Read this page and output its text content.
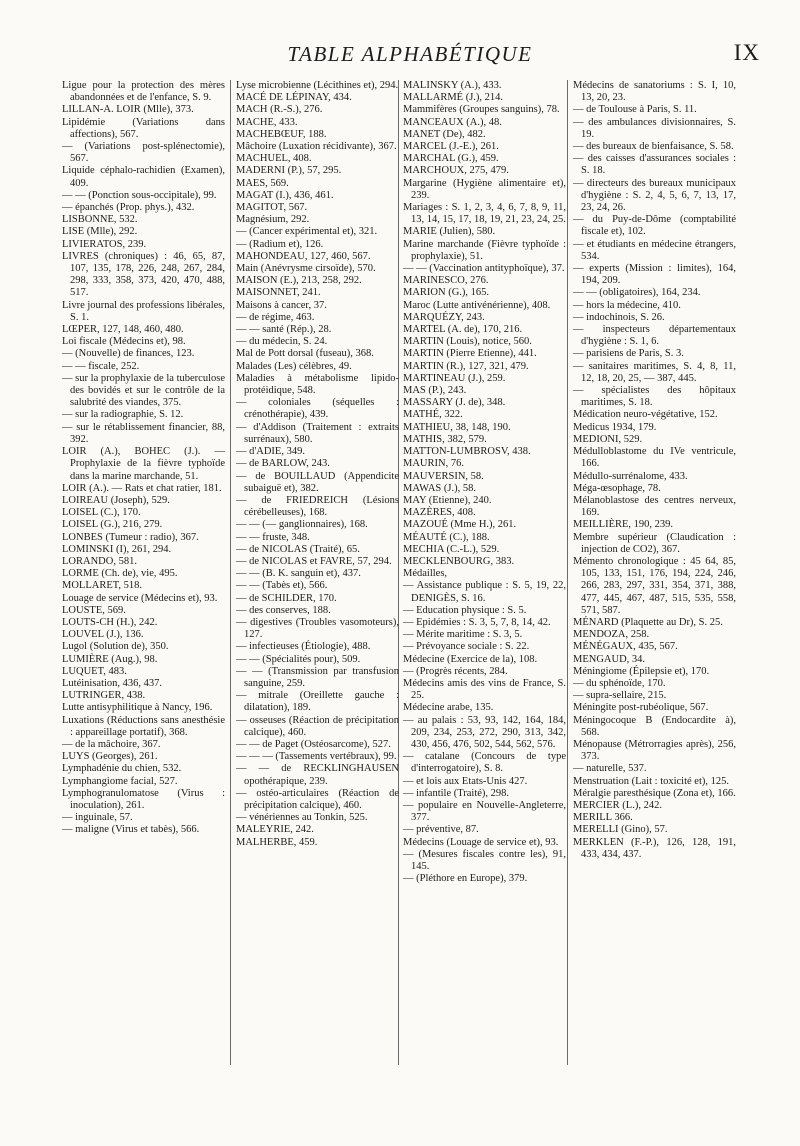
TABLE ALPHABÉTIQUE	IX

Ligue pour la protection des mères abandonnées et de l'enfance, S. 9.

LILLAN-A. LOIR (Mlle), 373.

Lipidémie (Variations dans affections), 567.

— (Variations post-splénectomie), 567.

Liquide céphalo-rachidien (Examen), 409.

— — (Ponction sous-occipitale), 99.

— épanchés (Prop. phys.), 432.

LISBONNE, 532.

LISE (Mlle), 292.

LIVIERATOS, 239.

LIVRES (chroniques) : 46, 65, 87, 107, 135, 178, 226, 248, 267, 284, 298, 333, 358, 373, 420, 470, 488, 517.

Livre journal des professions libérales, S. 1.

LŒPER, 127, 148, 460, 480.

Loi fiscale (Médecins et), 98.

— (Nouvelle) de finances, 123.

— — fiscale, 252.

— sur la prophylaxie de la tuberculose des bovidés et sur le contrôle de la salubrité des viandes, 375.

— sur la radiographie, S. 12.

— sur le rétablissement financier, 88, 392.

LOIR (A.), BOHEC (J.). — Prophylaxie de la fièvre typhoïde dans la marine marchande, 51.

LOIR (A.). — Rats et chat ratier, 181.

LOIREAU (Joseph), 529.

LOISEL (C.), 170.

LOISEL (G.), 216, 279.

LONBES (Tumeur : radio), 367.

LOMINSKI (I), 261, 294.

LORANDO, 581.

LORME (Ch. de), vie, 495.

MOLLARET, 518.

Louage de service (Médecins et), 93.

LOUSTE, 569.

LOUTS-CH (H.), 242.

LOUVEL (J.), 136.

Lugol (Solution de), 350.

LUMIÈRE (Aug.), 98.

LUQUET, 483.

Lutéinisation, 436, 437.

LUTRINGER, 438.

Lutte antisyphilitique à Nancy, 196.

Luxations (Réductions sans anesthésie : appareillage portatif), 368.

— de la mâchoire, 367.

LUYS (Georges), 261.

Lymphadénie du chien, 532.

Lymphangiome facial, 527.

Lymphogranulomatose (Virus : inoculation), 261.

— inguinale, 57.

— maligne (Virus et tabès), 566.

Lyse microbienne (Lécithines et), 294.

MACÉ DE LÉPINAY, 434.

MACH (R.-S.), 276.

MACHE, 433.

MACHEBŒUF, 188.

Mâchoire (Luxation récidivante), 367.

MACHUEL, 408.

MADERNI (P.), 57, 295.

MAES, 569.

MAGAT (I.), 436, 461.

MAGITOT, 567.

Magnésium, 292.

— (Cancer expérimental et), 321.

— (Radium et), 126.

MAHONDEAU, 127, 460, 567.

Main (Anévrysme cirsoïde), 570.

MAISON (E.), 213, 258, 292.

MAISONNET, 241.

Maisons à cancer, 37.

— de régime, 463.

— — santé (Rép.), 28.

— du médecin, S. 24.

Mal de Pott dorsal (fuseau), 368.

Malades (Les) célèbres, 49.

Maladies à métabolisme lipido-protéidique, 548.

— coloniales (séquelles : crénothérapie), 439.

— d'Addison (Traitement : extraits surrénaux), 580.

— d'ADIE, 349.

— de BARLOW, 243.

— de BOUILLAUD (Appendicite subaiguë et), 382.

— de FRIEDREICH (Lésions cérébelleuses), 168.

— — (— ganglionnaires), 168.

— — fruste, 348.

— de NICOLAS (Traité), 65.

— de NICOLAS et FAVRE, 57, 294.

— — (B. K. sanguin et), 437.

— — (Tabès et), 566.

— de SCHILDER, 170.

— des conserves, 188.

— digestives (Troubles vasomoteurs), 127.

— infectieuses (Étiologie), 488.

— — (Spécialités pour), 509.

— — (Transmission par transfusion sanguine, 259.

— mitrale (Oreillette gauche : dilatation), 189.

— osseuses (Réaction de précipitation calcique), 460.

— — de Paget (Ostéosarcome), 527.

— — — (Tassements vertébraux), 99.

— — de RECKLINGHAUSEN opothérapique, 239.

— ostéo-articulaires (Réaction de précipitation calcique), 460.

— vénériennes au Tonkin, 525.

MALEYRIE, 242.

MALHERBE, 459.

MALINSKY (A.), 433.

MALLARMÉ (J.), 214.

Mammifères (Groupes sanguins), 78.

MANCEAUX (A.), 48.

MANET (De), 482.

MARCEL (J.-E.), 261.

MARCHAL (G.), 459.

MARCHOUX, 275, 479.

Margarine (Hygiène alimentaire et), 239.

Mariages : S. 1, 2, 3, 4, 6, 7, 8, 9, 11, 13, 14, 15, 17, 18, 19, 21, 23, 24, 25.

MARIE (Julien), 580.

Marine marchande (Fièvre typhoïde : prophylaxie), 51.

— — (Vaccination antityphoïque), 37.

MARINESCO, 276.

MARION (G.), 165.

Maroc (Lutte antivénérienne), 408.

MARQUÉZY, 243.

MARTEL (A. de), 170, 216.

MARTIN (Louis), notice, 560.

MARTIN (Pierre Etienne), 441.

MARTIN (R.), 127, 321, 479.

MARTINEAU (J.), 259.

MAS (P.), 243.

MASSARY (J. de), 348.

MATHÉ, 322.

MATHIEU, 38, 148, 190.

MATHIS, 382, 579.

MATTON-LUMBROSV, 438.

MAURIN, 76.

MAUVERSIN, 58.

MAWAS (J.), 58.

MAY (Etienne), 240.

MAZÈRES, 408.

MAZOUÉ (Mme H.), 261.

MÉAUTÉ (C.), 188.

MECHIA (C.-L.), 529.

MECKLENBOURG, 383.

Médailles,

— Assistance publique : S. 5, 19, 22, DENIGÈS, S. 16.

— Education physique : S. 5.

— Epidémies : S. 3, 5, 7, 8, 14, 42.

— Mérite maritime : S. 3, 5.

— Prévoyance sociale : S. 22.

Médecine (Exercice de la), 108.

— (Progrès récents, 284.

Médecins amis des vins de France, S. 25.

Médecine arabe, 135.

— au palais : 53, 93, 142, 164, 184, 209, 234, 253, 272, 290, 313, 342, 430, 456, 476, 502, 544, 562, 576.

— catalane (Concours de type d'interrogatoire), S. 8.

— et lois aux Etats-Unis 427.

— infantile (Traité), 298.

— populaire en Nouvelle-Angleterre, 377.

— préventive, 87.

Médecins (Louage de service et), 93.

— (Mesures fiscales contre les), 91, 145.

— (Pléthore en Europe), 379.

Médecins de sanatoriums : S. I, 10, 13, 20, 23.

— de Toulouse à Paris, S. 11.

— des ambulances divisionnaires, S. 19.

— des bureaux de bienfaisance, S. 58.

— des caisses d'assurances sociales : S. 18.

— directeurs des bureaux municipaux d'hygiène : S. 2, 4, 5, 6, 7, 13, 17, 23, 24, 26.

— du Puy-de-Dôme (comptabilité fiscale et), 102.

— et étudiants en médecine étrangers, 534.

— experts (Mission : limites), 164, 194, 209.

— — (obligatoires), 164, 234.

— hors la médecine, 410.

— indochinois, S. 26.

— inspecteurs départementaux d'hygiène : S. 1, 6.

— parisiens de Paris, S. 3.

— sanitaires maritimes, S. 4, 8, 11, 12, 18, 20, 25, — 387, 445.

— spécialistes des hôpitaux maritimes, S. 18.

Médication neuro-végétative, 152.

Medicus 1934, 179.

MEDIONI, 529.

Médulloblastome du IVe ventricule, 166.

Médullo-surrénalome, 433.

Méga-œsophage, 78.

Mélanoblastose des centres nerveux, 169.

MEILLIÈRE, 190, 239.

Membre supérieur (Claudication : injection de CO2), 367.

Mémento chronologique : 45 64, 85, 105, 133, 151, 176, 194, 224, 246, 266, 283, 297, 331, 354, 371, 388, 477, 445, 467, 487, 515, 535, 558, 571, 587.

MÉNARD (Plaquette au Dr), S. 25.

MENDOZA, 258.

MÉNÉGAUX, 435, 567.

MENGAUD, 34.

Méningiome (Épilepsie et), 170.

— du sphénoïde, 170.

— supra-sellaire, 215.

Méningite post-rubéolique, 567.

Méningocoque B (Endocardite à), 568.

Ménopause (Métrorragies après), 256, 373.

— naturelle, 537.

Menstruation (Lait : toxicité et), 125.

Méralgie paresthésique (Zona et), 166.

MERCIER (L.), 242.

MERILL 366.

MERELLI (Gino), 57.

MERKLEN (F.-P.), 126, 128, 191, 433, 434, 437.
